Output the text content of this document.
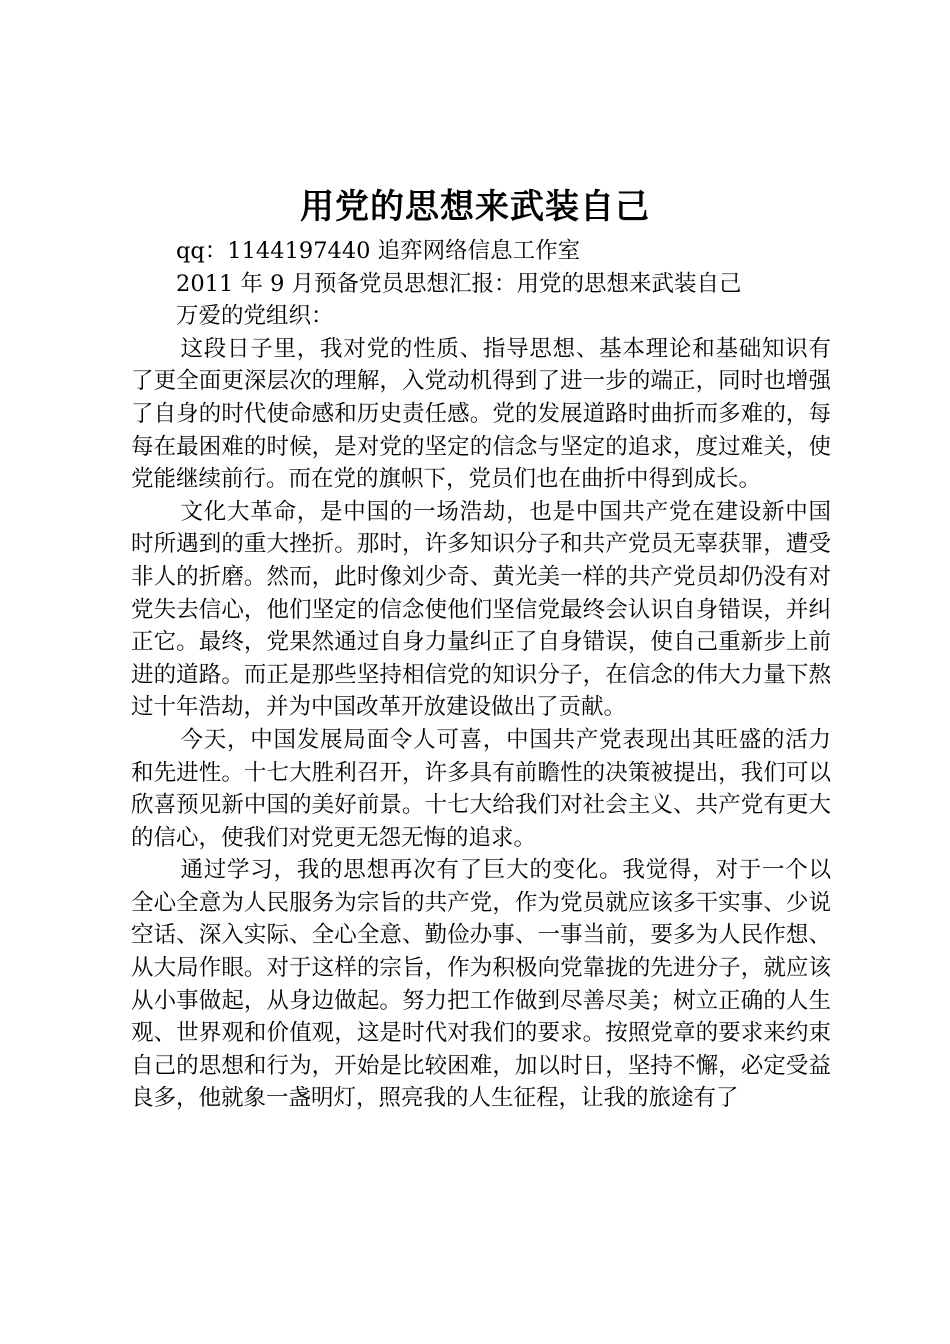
用党的思想来武装自己

qq：1144197440 追弈网络信息工作室

2011 年 9 月预备党员思想汇报：用党的思想来武装自己

万爱的党组织：

这段日子里，我对党的性质、指导思想、基本理论和基础知识有了更全面更深层次的理解，入党动机得到了进一步的端正，同时也增强了自身的时代使命感和历史责任感。党的发展道路时曲折而多难的，每每在最困难的时候，是对党的坚定的信念与坚定的追求，度过难关，使党能继续前行。而在党的旗帜下，党员们也在曲折中得到成长。

文化大革命，是中国的一场浩劫，也是中国共产党在建设新中国时所遇到的重大挫折。那时，许多知识分子和共产党员无辜获罪，遭受非人的折磨。然而，此时像刘少奇、黄光美一样的共产党员却仍没有对党失去信心，他们坚定的信念使他们坚信党最终会认识自身错误，并纠正它。最终，党果然通过自身力量纠正了自身错误，使自己重新步上前进的道路。而正是那些坚持相信党的知识分子，在信念的伟大力量下熬过十年浩劫，并为中国改革开放建设做出了贡献。

今天，中国发展局面令人可喜，中国共产党表现出其旺盛的活力和先进性。十七大胜利召开，许多具有前瞻性的决策被提出，我们可以欣喜预见新中国的美好前景。十七大给我们对社会主义、共产党有更大的信心，使我们对党更无怨无悔的追求。

通过学习，我的思想再次有了巨大的变化。我觉得，对于一个以全心全意为人民服务为宗旨的共产党，作为党员就应该多干实事、少说空话、深入实际、全心全意、勤俭办事、一事当前，要多为人民作想、从大局作眼。对于这样的宗旨，作为积极向党靠拢的先进分子，就应该从小事做起，从身边做起。努力把工作做到尽善尽美；树立正确的人生观、世界观和价值观，这是时代对我们的要求。按照党章的要求来约束自己的思想和行为，开始是比较困难，加以时日，坚持不懈，必定受益良多，他就象一盏明灯，照亮我的人生征程，让我的旅途有了
